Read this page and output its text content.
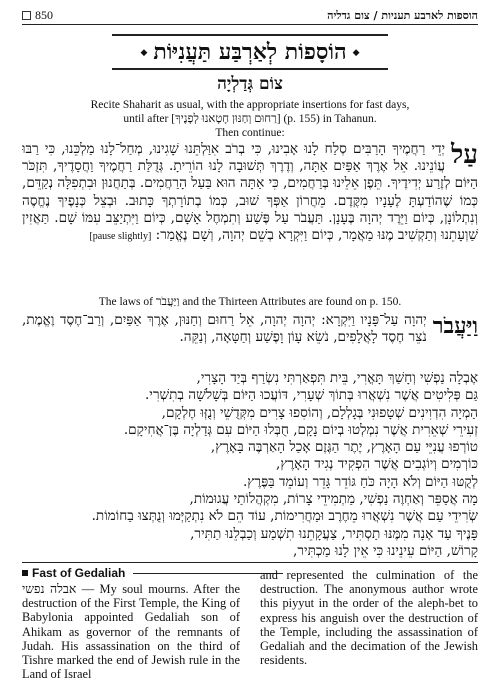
850	הוספות לארבע תעניות / צום גדליה
◆ הוֹסָפוֹת לְאַרְבַּע תַּעֲנִיּוֹת ◆
צוֹם גְּדַלְיָה
Recite Shaharit as usual, with the appropriate insertions for fast days,
until after [רַחוּם וְחַנּוּן חָטָאנוּ לְפָנֶיךָ] (p. 155) in Tahanun.
Then continue:
עַל
יְדֵי רַחֲמֶיךָ הָרַבִּים סְלַח לָנוּ אָבִינוּ, כִּי בְרֹב אִוַּלְתֵּנוּ שָׁגִינוּ, מְחַל־לָנוּ מַלְכֵּנוּ, כִּי רַבּוּ עֲוֹנֵינוּ. אֵל אֶרֶךְ אַפַּיִם אַתָּה, וְדֶרֶךְ תְּשׁוּבָה לָנוּ הוֹרֵיתָ. גְּדֻלַּת רַחֲמֶיךָ וַחֲסָדֶיךָ, תִּזְכֹּר הַיּוֹם לְזֶרַע יְדִידֶיךָ. תֵּפֶן אֵלֵינוּ בְּרַחֲמִים, כִּי אַתָּה הוּא בַּעַל הָרַחֲמִים. בְּתַחֲנוּן וּבִתְפִלָּה נְקַדֵּם, כְּמוֹ שֶׁהוֹדַעְתָּ לֶעָנָיו מִקֶּדֶם. מֵחֲרוֹן אַפְּךָ שׁוּב, כְּמוֹ בְתוֹרָתְךָ כָּתוּב. וּבְצֵל כְּנָפֶיךָ נֶחֱסֶה וְנִתְלוֹנָן, כְּיוֹם וַיֵּרֶד יְהוָה בֶּעָנָן. תַּעֲבֹר עַל פֶּשַׁע וְתִמְחֶל אָשָׁם, כְּיוֹם וַיִּתְיַצֵּב עִמּוֹ שָׁם. תַּאֲזִין שַׁוְעָתֵנוּ וְתַקְשִׁיב מֶנּוּ מַאֲמָר, כְּיוֹם וַיִּקְרָא בְשֵׁם יְהוָה, וְשָׁם נֶאֱמַר: [pause slightly]
The laws of וַיַּעֲבֹר and the Thirteen Attributes are found on p. 150.
וַיַּעֲבֹר
יְהוָה עַל־פָּנָיו וַיִּקְרָא: יְהוָה יְהוָה, אֵל רַחוּם וְחַנּוּן, אֶרֶךְ אַפַּיִם, וְרַב־חֶסֶד וֶאֱמֶת, נֹצֵר חֶסֶד לָאֲלָפִים, נֹשֵׂא עָוֹן וָפֶשַׁע וְחַטָּאָה, וְנַקֵּה.
אֶבְלָה נַפְשִׁי וְחָשַׁךְ תָּאֳרִי, בֵּית תִּפְאַרְתִּי נִשְׂרַף בְּיַד הָצָרִי,
גַּם פְּלִיטִים אֲשֶׁר נִשְׁאֲרוּ בְּתוֹךְ שְׁעָרִי, דּוֹעֲכוּ הַיּוֹם בְּשָׁלֹשָׁה בְתִשְׁרִי.
הַמְיָה הִדְוִינִים שְׁטָפוּנִי בְּגָלְלָם, וְהוֹסִפוּ צָרִים מִקְּדֻשֵׁי וְנֻזְּוּ חֶלְקָם,
זְעִירֵי שְׁאֵרִית אֲשֶׁר נִמְלְטוּ בְיוֹם נָקָם, חֻבְּלוּ הַיּוֹם עִם גְּדַלְיָה בֶּן־אֲחִיקָם.
טוֹרְפוּ עֲנִיֵּי עַם הָאָרֶץ, יֶתֶר הַגֶּזֶם אָכַל הָאַרְבֶּה בָּאָרֶץ,
כּוֹרְמִים וְיוֹגְבִים אֲשֶׁר הִפְקִיד נְגִיד הָאָרֶץ,
לְקֻטּוּ הַיּוֹם וְלֹא הָיָה כֹּחַ גּוֹדֵר גָּדֵר וְעוֹמֵד בַּפֶּרֶץ.
מָה אֲסַפֵּר וְאַחְוֶה נַפְשִׁי, מַתְמִידֵי צָרוֹת, מִקְהֲלוֹתַי עֲגוּמוֹת,
שְׂרִידֵי עַם אֲשֶׁר נִשְׁאֲרוּ מֵחֶרֶב וּמַחֲרִימוֹת, עוֹד הֵם לֹא נִתְקַיְּמוּ וְנֻתְּצוּ בַחוֹמוֹת.
פָּנֶיךָ עַד אָנָה מִמֶּנּוּ תַסְתִּיר, צַעֲקָתֵנוּ תִשְׁמַע וְכַבְלֵנוּ תַתִּיר,
קָרוֹשׁ, הַיּוֹם עֵינֵינוּ כִּי אֵין לָנוּ מַכְתִּיר,
Fast of Gedaliah
אבלה נפשי — My soul mourns. After the destruction of the First Temple, the King of Babylonia appointed Gedaliah son of Ahikam as governor of the remnants of Judah. His assassination on the third of Tishre marked the end of Jewish rule in the Land of Israel
and represented the culmination of the destruction. The anonymous author wrote this piyyut in the order of the aleph-bet to express his anguish over the destruction of the Temple, including the assassination of Gedaliah and the decimation of the Jewish residents.
